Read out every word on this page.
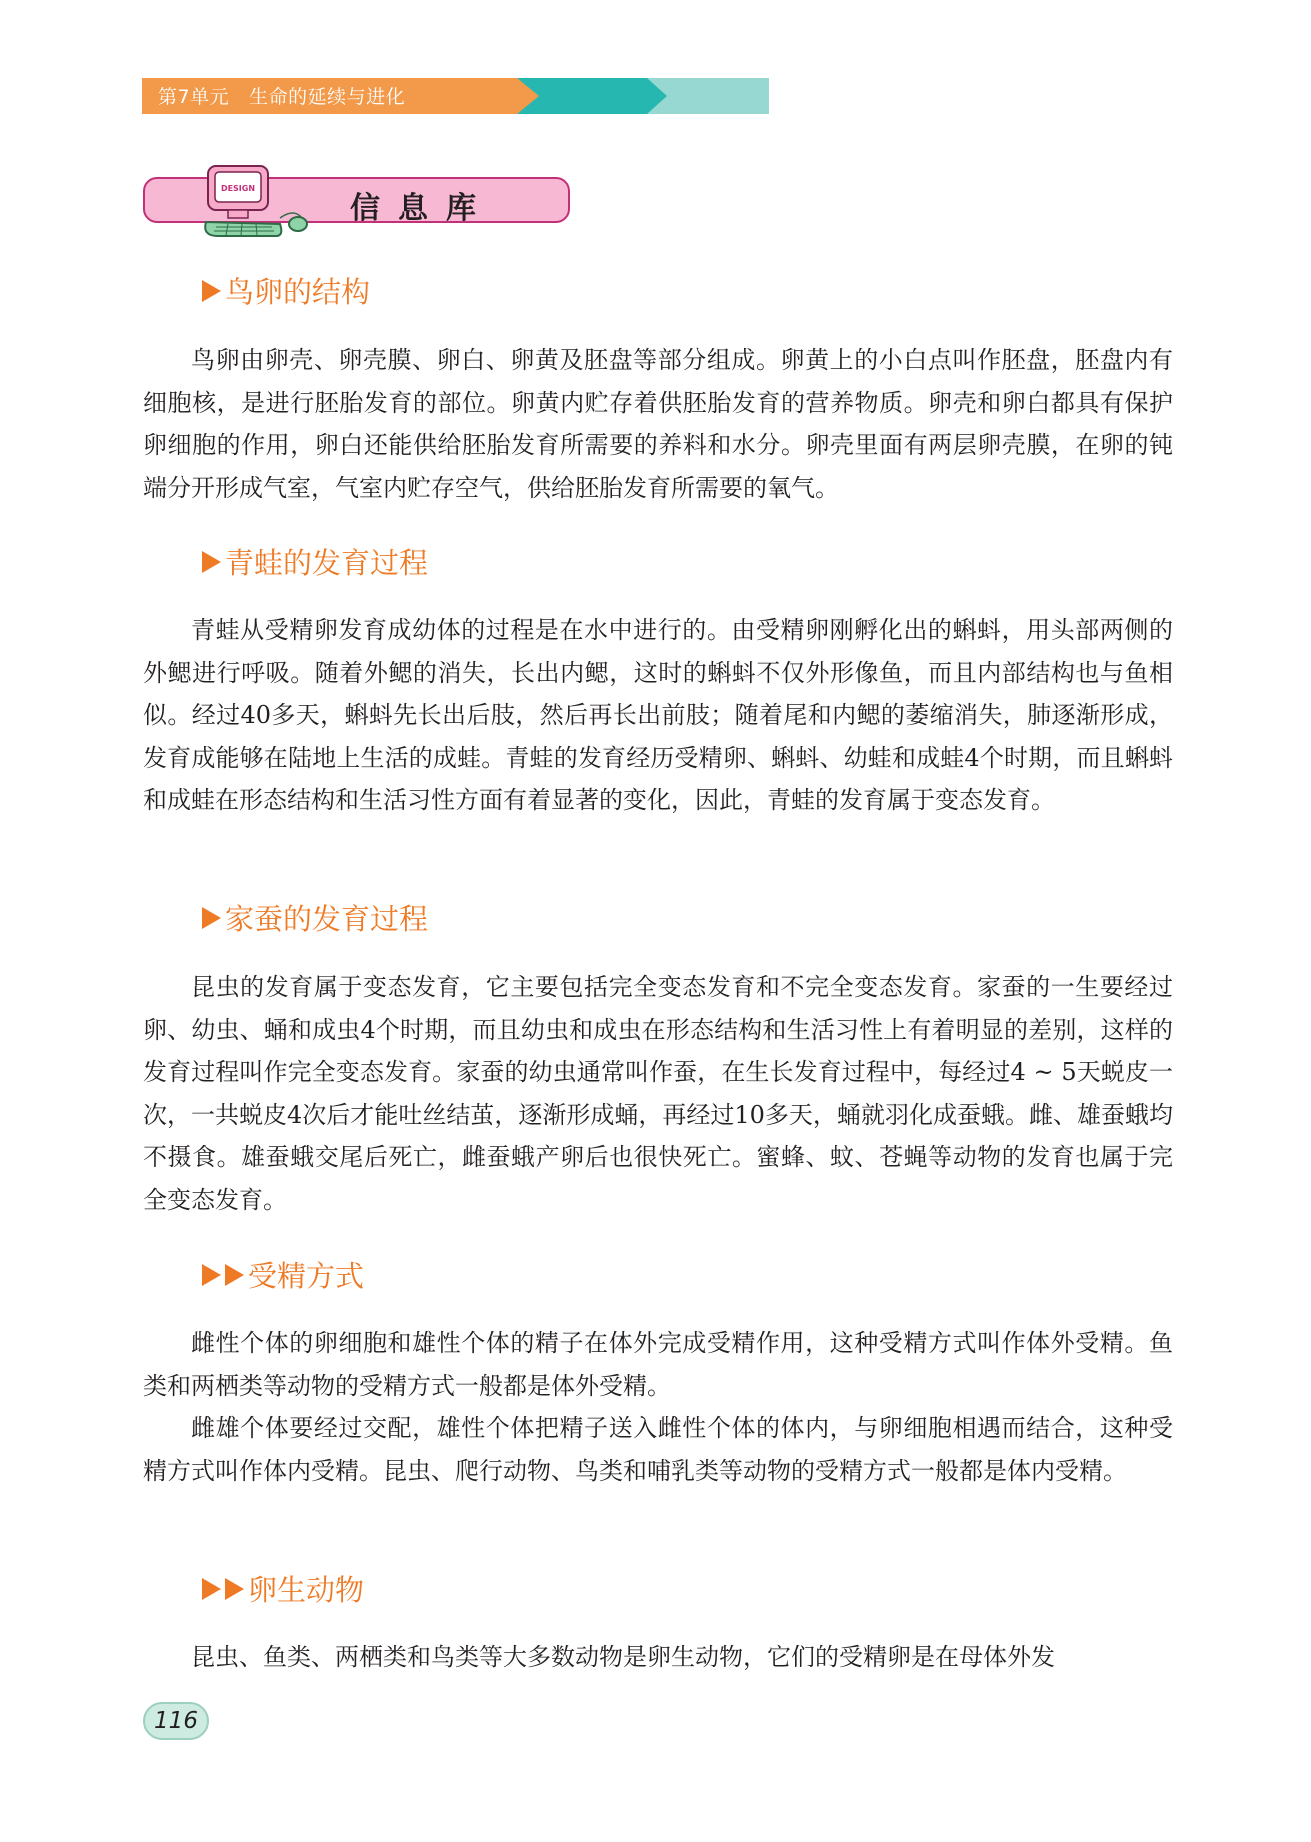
第7单元 生命的延续与进化
信息库
DESIGN
鸟卵的结构
鸟卵由卵壳、卵壳膜、卵白、卵黄及胚盘等部分组成。卵黄上的小白点叫作胚盘，胚盘内有细胞核，是进行胚胎发育的部位。卵黄内贮存着供胚胎发育的营养物质。卵壳和卵白都具有保护卵细胞的作用，卵白还能供给胚胎发育所需要的养料和水分。卵壳里面有两层卵壳膜，在卵的钝端分开形成气室，气室内贮存空气，供给胚胎发育所需要的氧气。
青蛙的发育过程
青蛙从受精卵发育成幼体的过程是在水中进行的。由受精卵刚孵化出的蝌蚪，用头部两侧的外鳃进行呼吸。随着外鳃的消失，长出内鳃，这时的蝌蚪不仅外形像鱼，而且内部结构也与鱼相似。经过40多天，蝌蚪先长出后肢，然后再长出前肢；随着尾和内鳃的萎缩消失，肺逐渐形成，发育成能够在陆地上生活的成蛙。青蛙的发育经历受精卵、蝌蚪、幼蛙和成蛙4个时期，而且蝌蚪和成蛙在形态结构和生活习性方面有着显著的变化，因此，青蛙的发育属于变态发育。
家蚕的发育过程
昆虫的发育属于变态发育，它主要包括完全变态发育和不完全变态发育。家蚕的一生要经过卵、幼虫、蛹和成虫4个时期，而且幼虫和成虫在形态结构和生活习性上有着明显的差别，这样的发育过程叫作完全变态发育。家蚕的幼虫通常叫作蚕，在生长发育过程中，每经过4 ~ 5天蜕皮一次，一共蜕皮4次后才能吐丝结茧，逐渐形成蛹，再经过10多天，蛹就羽化成蚕蛾。雌、雄蚕蛾均不摄食。雄蚕蛾交尾后死亡，雌蚕蛾产卵后也很快死亡。蜜蜂、蚊、苍蝇等动物的发育也属于完全变态发育。
受精方式
雌性个体的卵细胞和雄性个体的精子在体外完成受精作用，这种受精方式叫作体外受精。鱼类和两栖类等动物的受精方式一般都是体外受精。
雌雄个体要经过交配，雄性个体把精子送入雌性个体的体内，与卵细胞相遇而结合，这种受精方式叫作体内受精。昆虫、爬行动物、鸟类和哺乳类等动物的受精方式一般都是体内受精。
卵生动物
昆虫、鱼类、两栖类和鸟类等大多数动物是卵生动物，它们的受精卵是在母体外发
116
